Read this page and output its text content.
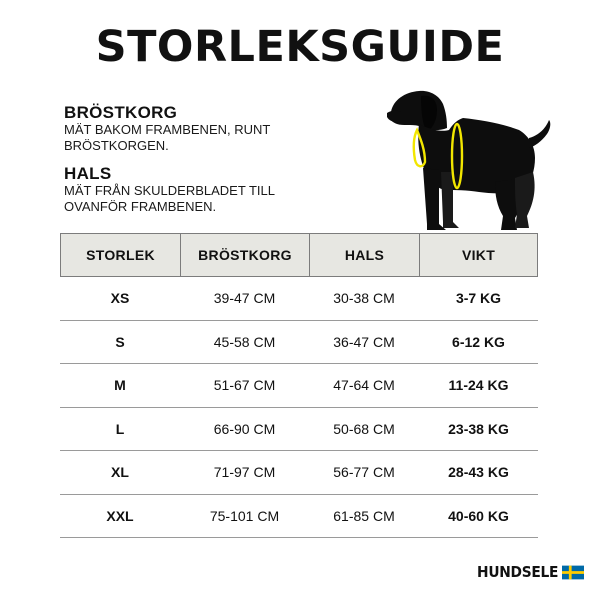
STORLEKSGUIDE
BRÖSTKORG
MÄT BAKOM FRAMBENEN, RUNT
BRÖSTKORGEN.
HALS
MÄT FRÅN SKULDERBLADET TILL
OVANFÖR FRAMBENEN.
STORLEK	BRÖSTKORG	HALS	VIKT
XS	39-47 CM	30-38 CM	3-7 KG
S	45-58 CM	36-47 CM	6-12 KG
M	51-67 CM	47-64 CM	11-24 KG
L	66-90 CM	50-68 CM	23-38 KG
XL	71-97 CM	56-77 CM	28-43 KG
XXL	75-101 CM	61-85 CM	40-60 KG
HUNDSELE
